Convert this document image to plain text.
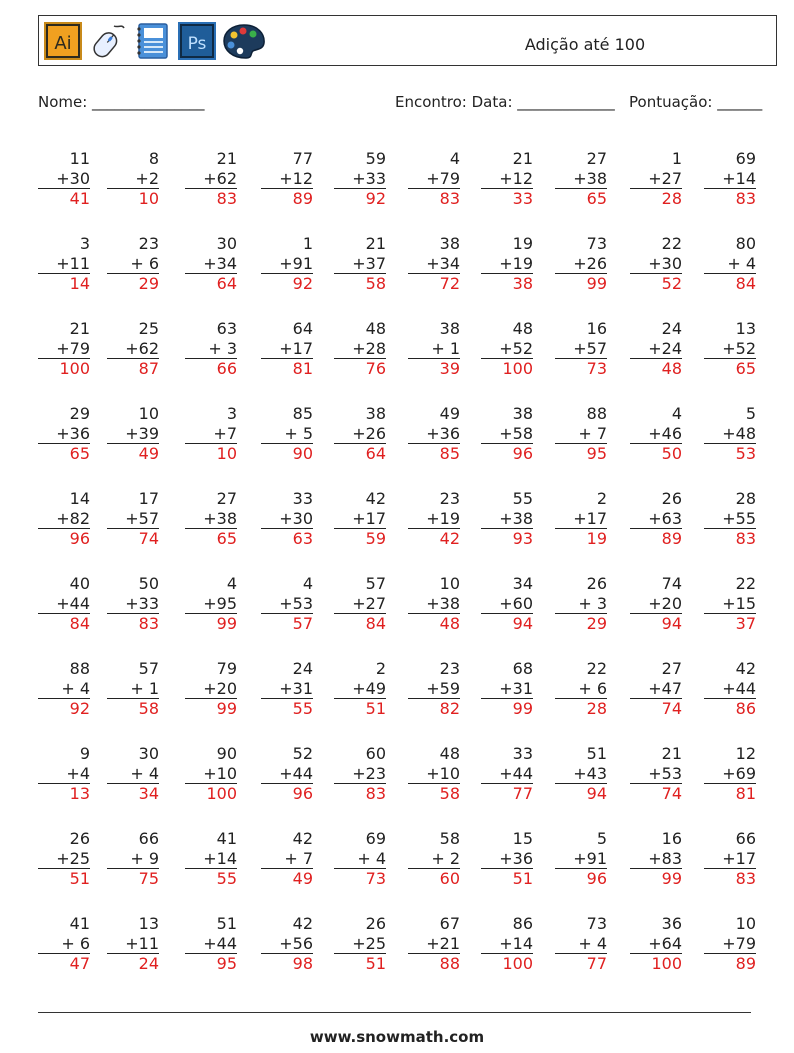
Ai	Ps	Adição até 100
Nome: _______________	Encontro: Data: _____________ Pontuação: ______
11
+30
41
8
+2
10
21
+62
83
77
+12
89
59
+33
92
4
+79
83
21
+12
33
27
+38
65
1
+27
28
69
+14
83
3
+11
14
23
+ 6
29
30
+34
64
1
+91
92
21
+37
58
38
+34
72
19
+19
38
73
+26
99
22
+30
52
80
+ 4
84
21
+79
100
25
+62
87
63
+ 3
66
64
+17
81
48
+28
76
38
+ 1
39
48
+52
100
16
+57
73
24
+24
48
13
+52
65
29
+36
65
10
+39
49
3
+7
10
85
+ 5
90
38
+26
64
49
+36
85
38
+58
96
88
+ 7
95
4
+46
50
5
+48
53
14
+82
96
17
+57
74
27
+38
65
33
+30
63
42
+17
59
23
+19
42
55
+38
93
2
+17
19
26
+63
89
28
+55
83
40
+44
84
50
+33
83
4
+95
99
4
+53
57
57
+27
84
10
+38
48
34
+60
94
26
+ 3
29
74
+20
94
22
+15
37
88
+ 4
92
57
+ 1
58
79
+20
99
24
+31
55
2
+49
51
23
+59
82
68
+31
99
22
+ 6
28
27
+47
74
42
+44
86
9
+4
13
30
+ 4
34
90
+10
100
52
+44
96
60
+23
83
48
+10
58
33
+44
77
51
+43
94
21
+53
74
12
+69
81
26
+25
51
66
+ 9
75
41
+14
55
42
+ 7
49
69
+ 4
73
58
+ 2
60
15
+36
51
5
+91
96
16
+83
99
66
+17
83
41
+ 6
47
13
+11
24
51
+44
95
42
+56
98
26
+25
51
67
+21
88
86
+14
100
73
+ 4
77
36
+64
100
10
+79
89
www.snowmath.com
